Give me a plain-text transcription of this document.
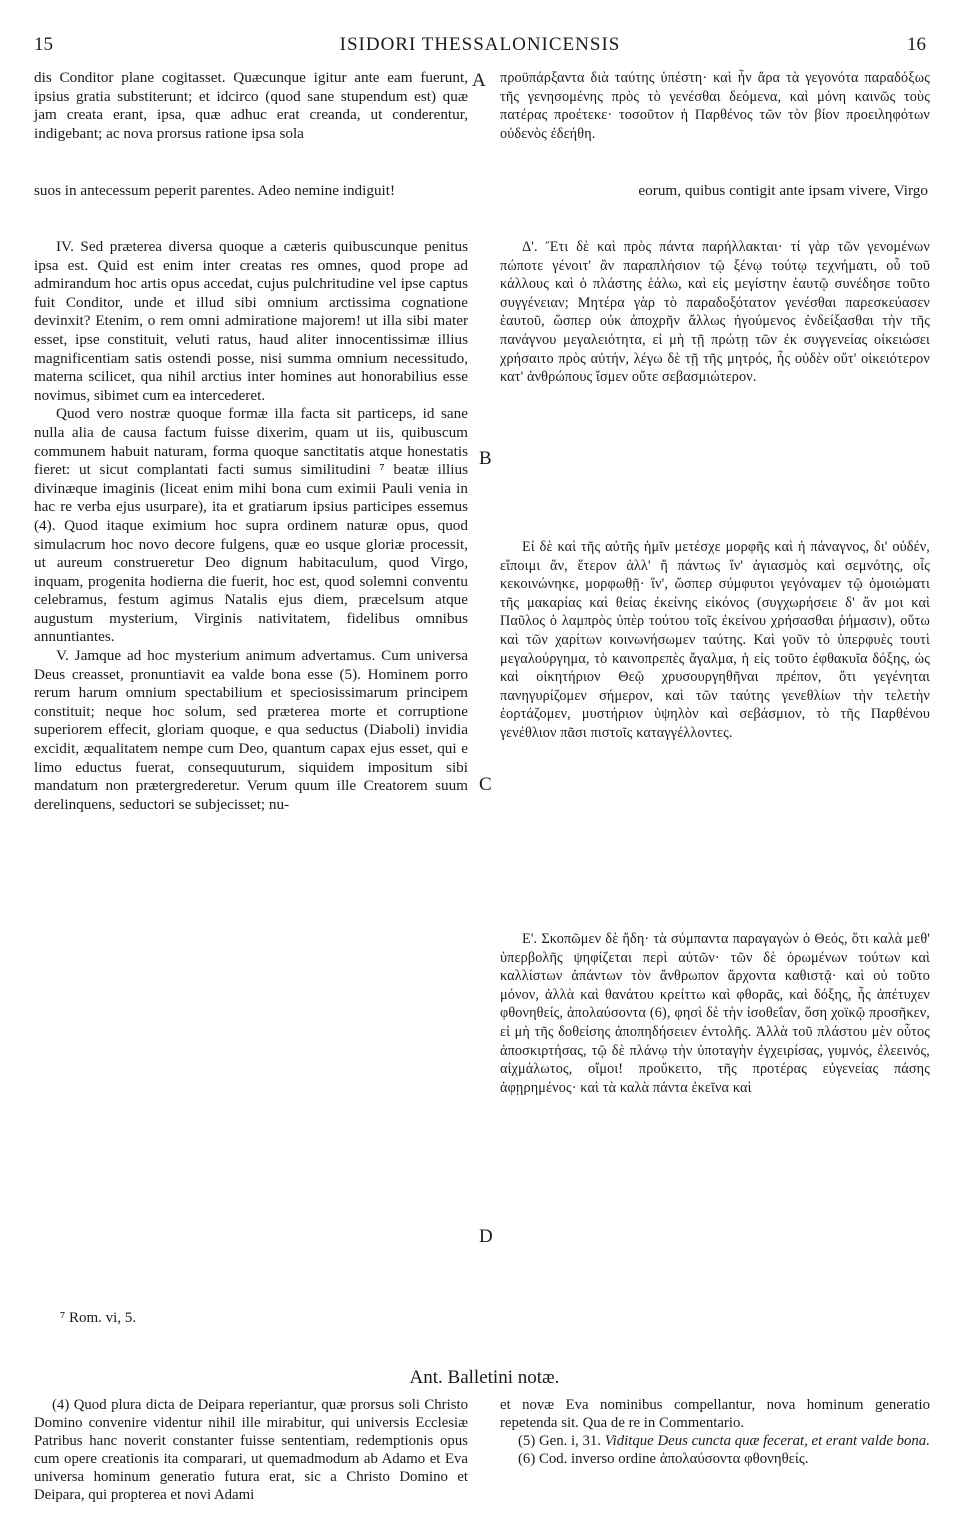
15	ISIDORI THESSALONICENSIS	16

dis Conditor plane cogitasset. Quæcunque igitur ante eam fuerunt, ipsius gratia substiterunt; et idcirco (quod sane stupendum est) quæ jam creata erant, ipsa, quæ adhuc erat creanda, ut conderentur, indigebant; ac nova prorsus ratione ipsa sola

προϋπάρξαντα διὰ ταύτης ὑπέστη· καὶ ἦν ἄρα τὰ γεγονότα παραδόξως τῆς γενησομένης πρὸς τὸ γενέσθαι δεόμενα, καὶ μόνη καινῶς τοὺς πατέρας προέτεκε· τοσοῦτον ἡ Παρθένος τῶν τὸν βίον προειληφότων οὐδενὸς ἐδεήθη.

A
suos in antecessum peperit parentes. Adeo nemine indiguit!	eorum, quibus contigit ante ipsam vivere, Virgo

IV. Sed præterea diversa quoque a cæteris quibuscunque penitus ipsa est. Quid est enim inter creatas res omnes, quod prope ad admirandum hoc artis opus accedat, cujus pulchritudine vel ipse captus fuit Conditor, unde et illud sibi omnium arctissima cognatione devinxit? Etenim, o rem omni admiratione majorem! ut illa sibi mater esset, ipse constituit, veluti ratus, haud aliter innocentissimæ illius magnificentiam satis ostendi posse, nisi summa omnium necessitudo, materna scilicet, qua nihil arctius inter homines aut honorabilius esse novimus, sibimet cum ea intercederet.

Quod vero nostræ quoque formæ illa facta sit particeps, id sane nulla alia de causa factum fuisse dixerim, quam ut iis, quibuscum communem habuit naturam, forma quoque sanctitatis atque honestatis fieret: ut sicut complantati facti sumus similitudini ⁷ beatæ illius divinæque imaginis (liceat enim mihi bona cum eximii Pauli venia in hac re verba ejus usurpare), ita et gratiarum ipsius participes essemus (4). Quod itaque eximium hoc supra ordinem naturæ opus, quod simulacrum hoc novo decore fulgens, quæ eo usque gloriæ processit, ut aureum construeretur Deo dignum habitaculum, quod Virgo, inquam, progenita hodierna die fuerit, hoc est, quod solemni conventu celebramus, festum agimus Natalis ejus diem, præcelsum atque augustum mysterium, Virginis nativitatem, fidelibus omnibus annuntiantes.

V. Jamque ad hoc mysterium animum advertamus. Cum universa Deus creasset, pronuntiavit ea valde bona esse (5). Hominem porro rerum harum omnium spectabilium et speciosissimarum principem constituit; neque hoc solum, sed præterea morte et corruptione superiorem effecit, gloriam quoque, e qua seductus (Diaboli) invidia excidit, æqualitatem nempe cum Deo, quantum capax ejus esset, qui e limo eductus fuerat, consequuturum, siquidem impositum sibi mandatum non prætergrederetur. Verum quum ille Creatorem suum derelinquens, seductori se subjecisset; nu-

Δ'. Ἔτι δὲ καὶ πρὸς πάντα παρήλλακται· τί γὰρ τῶν γενομένων πώποτε γένοιτ' ἂν παραπλήσιον τῷ ξένῳ τούτῳ τεχνήματι, οὗ τοῦ κάλλους καὶ ὁ πλάστης ἑάλω, καὶ εἰς μεγίστην ἑαυτῷ συνέδησε τοῦτο συγγένειαν; Μητέρα γὰρ τὸ παραδοξότατον γενέσθαι παρεσκεύασεν ἑαυτοῦ, ὥσπερ οὐκ ἀποχρῆν ἄλλως ἡγούμενος ἐνδείξασθαι τὴν τῆς πανάγνου μεγαλειότητα, εἰ μὴ τῇ πρώτῃ τῶν ἐκ συγγενείας οἰκειώσει χρήσαιτο πρὸς αὐτήν, λέγω δὲ τῇ τῆς μητρός, ἧς οὐδὲν οὔτ' οἰκειότερον κατ' ἀνθρώπους ἴσμεν οὔτε σεβασμιώτερον.

Εἰ δὲ καὶ τῆς αὐτῆς ἡμῖν μετέσχε μορφῆς καὶ ἡ πάναγνος, δι' οὐδέν, εἴποιμι ἄν, ἕτερον ἀλλ' ἤ πάντως ἵν' ἁγιασμὸς καὶ σεμνότης, οἷς κεκοινώνηκε, μορφωθῇ· ἵν', ὥσπερ σύμφυτοι γεγόναμεν τῷ ὁμοιώματι τῆς μακαρίας καὶ θείας ἐκείνης εἰκόνος (συγχωρήσειε δ' ἄν μοι καὶ Παῦλος ὁ λαμπρὸς ὑπὲρ τούτου τοῖς ἐκείνου χρήσασθαι ῥήμασιν), οὕτω καὶ τῶν χαρίτων κοινωνήσωμεν ταύτης. Καὶ γοῦν τὸ ὑπερφυὲς τουτὶ μεγαλούργημα, τὸ καινοπρεπὲς ἄγαλμα, ἡ εἰς τοῦτο ἐφθακυῖα δόξης, ὡς καὶ οἰκητήριον Θεῷ χρυσουργηθῆναι πρέπον, ὅτι γεγένηται πανηγυρίζομεν σήμερον, καὶ τῶν ταύτης γενεθλίων τὴν τελετὴν ἑορτάζομεν, μυστήριον ὑψηλὸν καὶ σεβάσμιον, τὸ τῆς Παρθένου γενέθλιον πᾶσι πιστοῖς καταγγέλλοντες.

Ε'. Σκοπῶμεν δὲ ἤδη· τὰ σύμπαντα παραγαγὼν ὁ Θεός, ὅτι καλὰ μεθ' ὑπερβολῆς ψηφίζεται περὶ αὐτῶν· τῶν δὲ ὁρωμένων τούτων καὶ καλλίστων ἁπάντων τὸν ἄνθρωπον ἄρχοντα καθιστᾷ· καὶ οὐ τοῦτο μόνον, ἀλλὰ καὶ θανάτου κρείττω καὶ φθορᾶς, καὶ δόξης, ἧς ἀπέτυχεν φθονηθείς, ἀπολαύσοντα (6), φησὶ δὲ τὴν ἰσοθεΐαν, ὅση χοϊκῷ προσῆκεν, εἰ μὴ τῆς δοθείσης ἀποπηδήσειεν ἐντολῆς. Ἀλλὰ τοῦ πλάστου μὲν οὗτος ἀποσκιρτήσας, τῷ δὲ πλάνῳ τὴν ὑποταγὴν ἐγχειρίσας, γυμνός, ἐλεεινός, αἰχμάλωτος, οἴμοι! προὔκειτο, τῆς προτέρας εὐγενείας πάσης ἀφῃρημένος· καὶ τὰ καλὰ πάντα ἐκεῖνα καὶ

B
C
D
⁷ Rom. vi, 5.
Ant. Balletini notæ.

(4) Quod plura dicta de Deipara reperiantur, quæ prorsus soli Christo Domino convenire videntur nihil ille mirabitur, qui universis Ecclesiæ Patribus hanc noverit constanter fuisse sententiam, redemptionis opus cum opere creationis ita comparari, ut quemadmodum ab Adamo et Eva universa hominum generatio futura erat, sic a Christo Domino et Deipara, qui propterea et novi Adami

et novæ Eva nominibus compellantur, nova hominum generatio repetenda sit. Qua de re in Commentario.

(5) Gen. i, 31. Viditque Deus cuncta quæ fecerat, et erant valde bona.

(6) Cod. inverso ordine ἀπολαύσοντα φθονηθείς.
